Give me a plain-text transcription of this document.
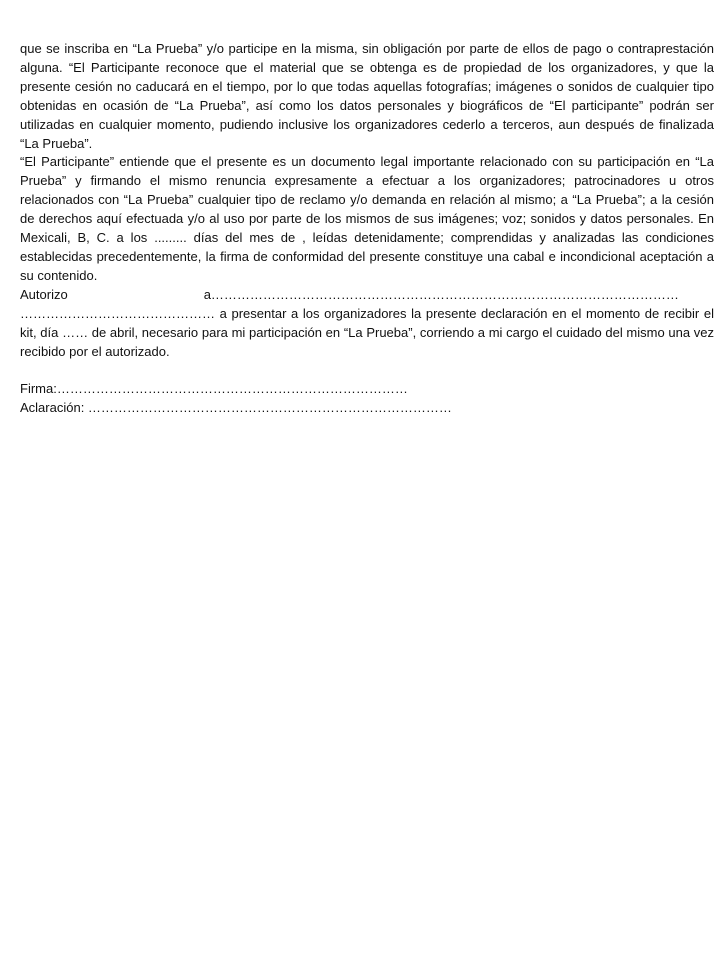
que se inscriba en “La Prueba” y/o participe en la misma, sin obligación por parte de ellos de pago o contraprestación alguna. “El Participante reconoce que el material que se obtenga es de propiedad de los organizadores, y que la presente cesión no caducará en el tiempo, por lo que todas aquellas fotografías; imágenes o sonidos de cualquier tipo obtenidas en ocasión de “La Prueba”, así como los datos personales y biográficos de “El participante” podrán ser utilizadas en cualquier momento, pudiendo inclusive los organizadores cederlo a terceros, aun después de finalizada “La Prueba”.

“El Participante” entiende que el presente es un documento legal importante relacionado con su participación en “La Prueba” y firmando el mismo renuncia expresamente a efectuar a los organizadores; patrocinadores u otros relacionados con “La Prueba” cualquier tipo de reclamo y/o demanda en relación al mismo; a “La Prueba”; a la cesión de derechos aquí efectuada y/o al uso por parte de los mismos de sus imágenes; voz; sonidos y datos personales. En Mexicali, B, C. a los ......... días del mes de , leídas detenidamente; comprendidas y analizadas las condiciones establecidas precedentemente, la firma de conformidad del presente constituye una cabal e incondicional aceptación a su contenido.

Autorizo	a……………………………………………………………………………………………… ……………………………………… a presentar a los organizadores la presente declaración en el momento de recibir el kit, día …… de abril, necesario para mi participación en “La Prueba”, corriendo a mi cargo el cuidado del mismo una vez recibido por el autorizado.

Firma:………………………………………………………………………

Aclaración: …………………………………………………………………………
